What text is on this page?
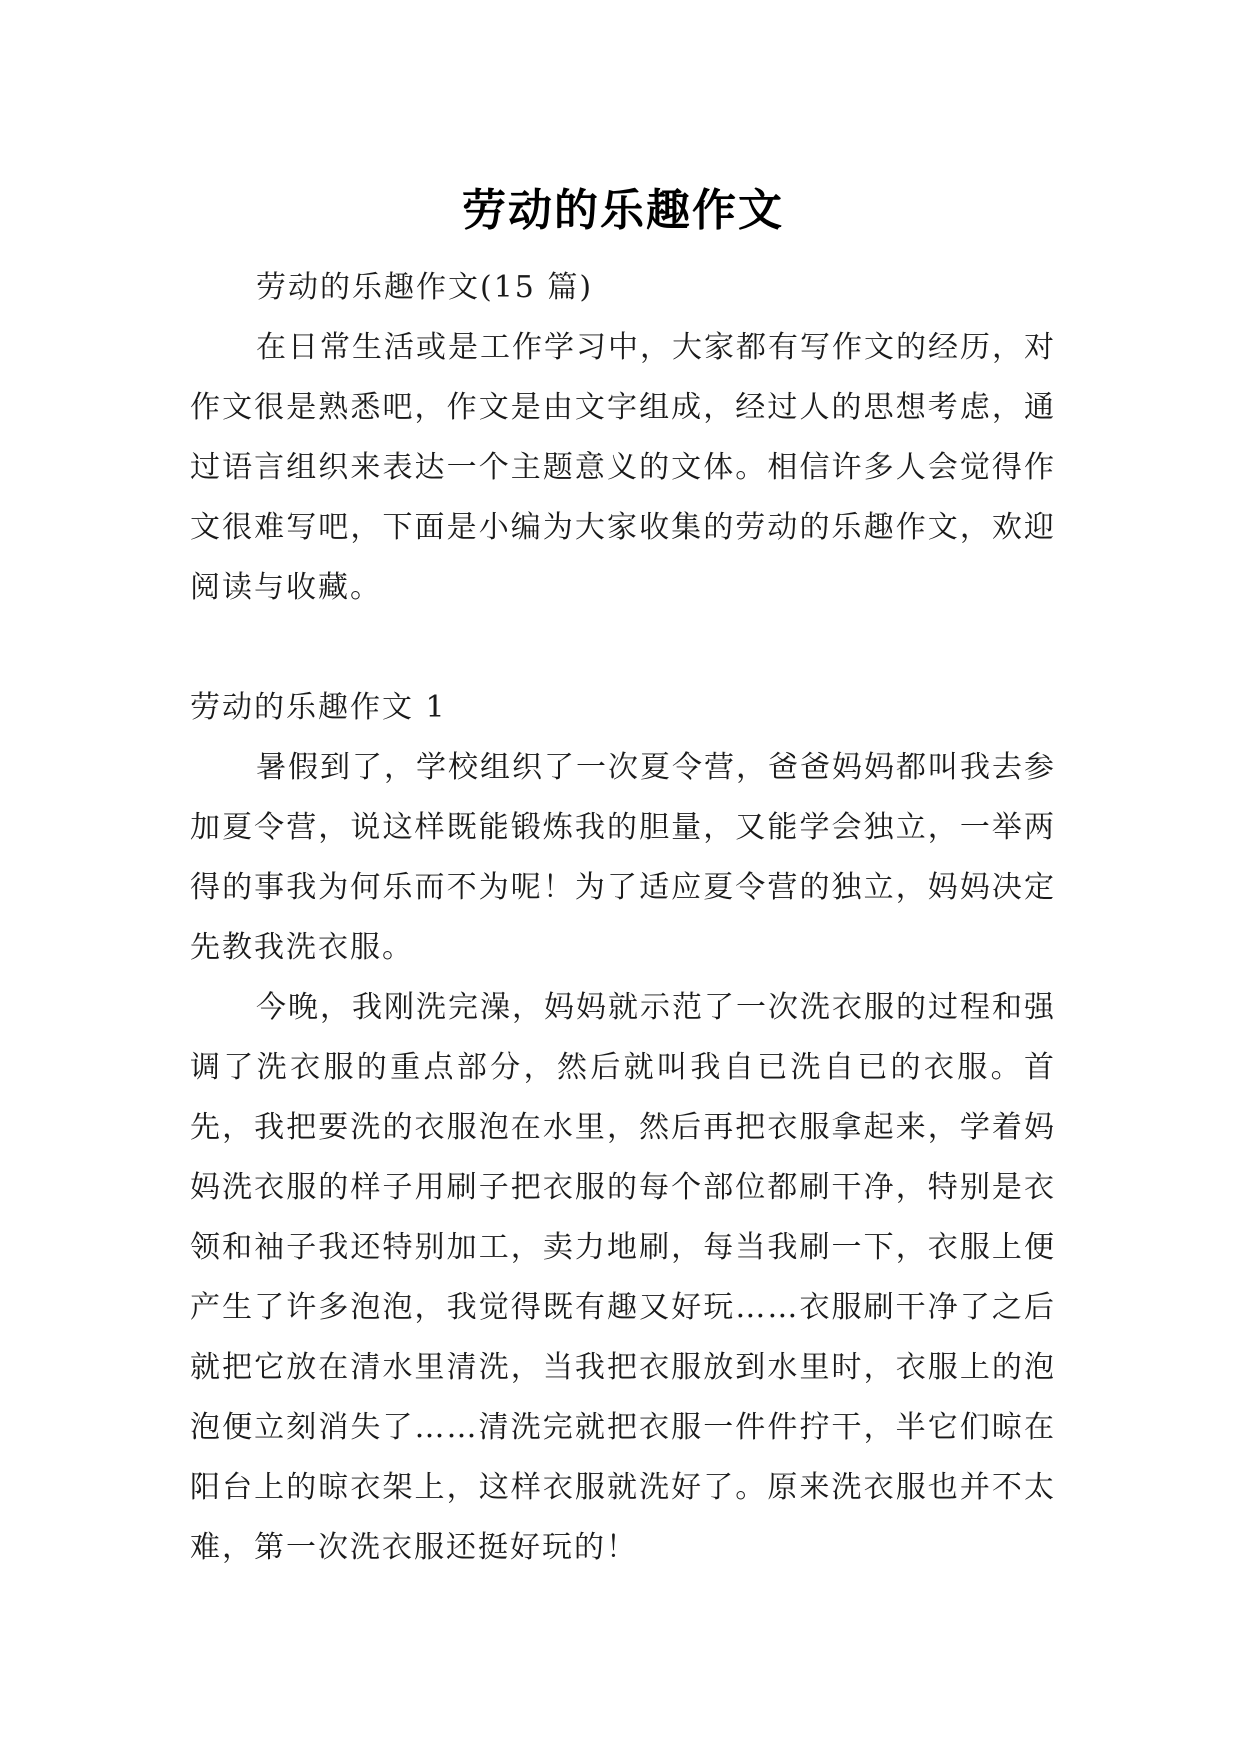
劳动的乐趣作文

劳动的乐趣作文(15 篇)

在日常生活或是工作学习中，大家都有写作文的经历，对作文很是熟悉吧，作文是由文字组成，经过人的思想考虑，通过语言组织来表达一个主题意义的文体。相信许多人会觉得作文很难写吧，下面是小编为大家收集的劳动的乐趣作文，欢迎阅读与收藏。

劳动的乐趣作文 1

暑假到了，学校组织了一次夏令营，爸爸妈妈都叫我去参加夏令营，说这样既能锻炼我的胆量，又能学会独立，一举两得的事我为何乐而不为呢！为了适应夏令营的独立，妈妈决定先教我洗衣服。

今晚，我刚洗完澡，妈妈就示范了一次洗衣服的过程和强调了洗衣服的重点部分，然后就叫我自已洗自已的衣服。首先，我把要洗的衣服泡在水里，然后再把衣服拿起来，学着妈妈洗衣服的样子用刷子把衣服的每个部位都刷干净，特别是衣领和袖子我还特别加工，卖力地刷，每当我刷一下，衣服上便产生了许多泡泡，我觉得既有趣又好玩……衣服刷干净了之后就把它放在清水里清洗，当我把衣服放到水里时，衣服上的泡泡便立刻消失了……清洗完就把衣服一件件拧干，半它们晾在阳台上的晾衣架上，这样衣服就洗好了。原来洗衣服也并不太难，第一次洗衣服还挺好玩的！
